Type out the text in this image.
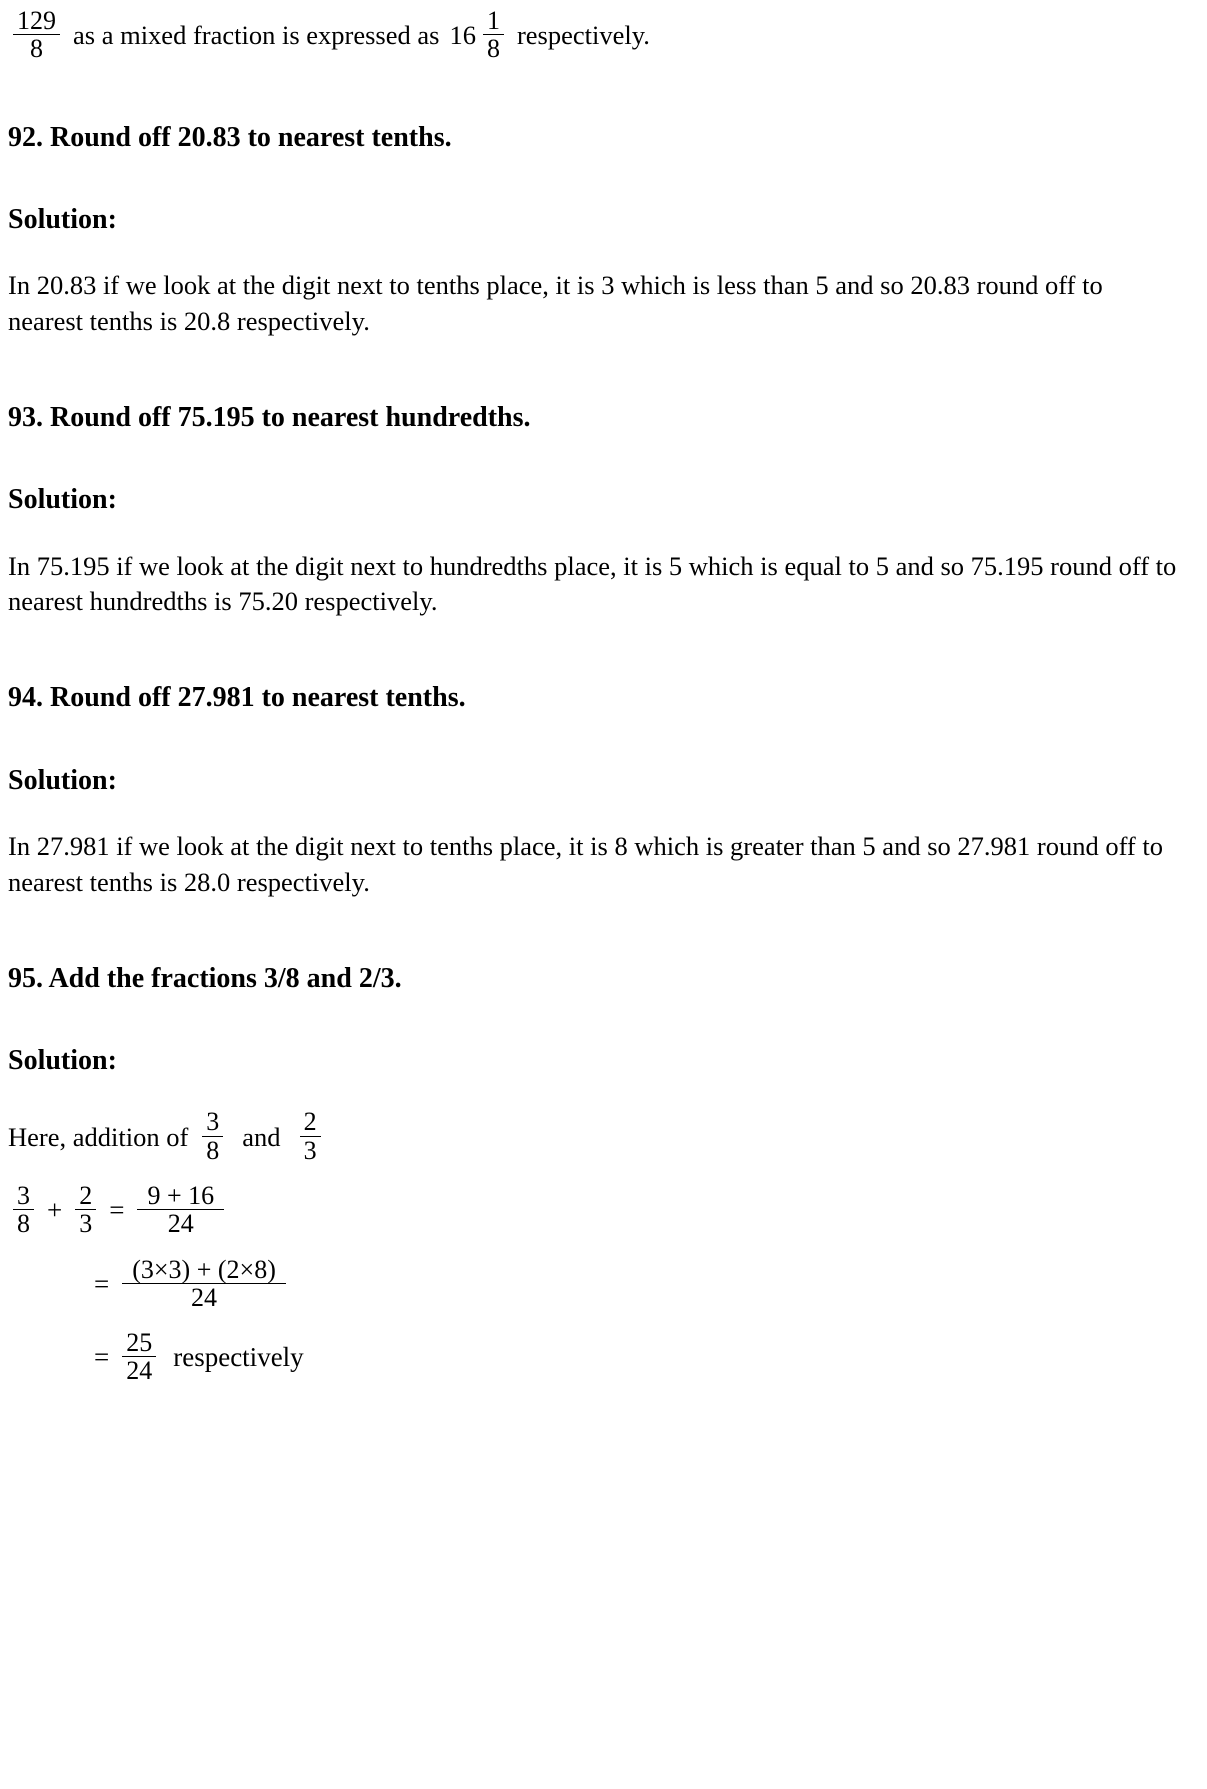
$\frac{129}{8}$ as a mixed fraction is expressed as $16 \frac{1}{8}$ respectively.
92. Round off 20.83 to nearest tenths.
Solution:

In 20.83 if we look at the digit next to tenths place, it is 3 which is less than 5 and so 20.83 round off to nearest tenths is 20.8 respectively.

93. Round off 75.195 to nearest hundredths.
Solution:

In 75.195 if we look at the digit next to hundredths place, it is 5 which is equal to 5 and so 75.195 round off to nearest hundredths is 75.20 respectively.

94. Round off 27.981 to nearest tenths.
Solution:

In 27.981 if we look at the digit next to tenths place, it is 8 which is greater than 5 and so 27.981 round off to nearest tenths is 28.0 respectively.

95. Add the fractions 3/8 and 2/3.
Solution:
Here, addition of $\frac{3}{8}$ and $\frac{2}{3}$
$\frac{3}{8} + \frac{2}{3} = \frac{9 + 16}{24}$
= $\frac{(3\times 3) + (2\times 8)}{24}$
= $\frac{25}{24}$ respectively
